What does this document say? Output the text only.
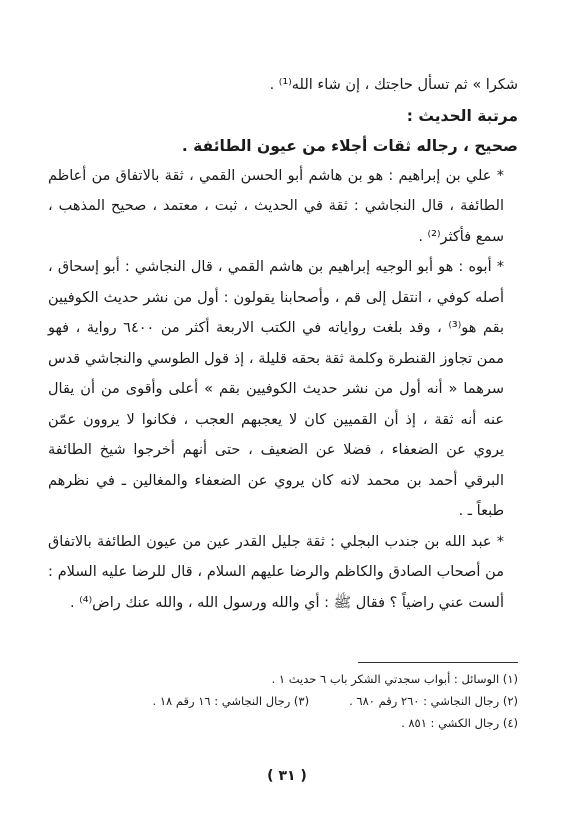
شكرا » ثم تسأل حاجتك ، إن شاء الله⁽¹⁾ .

مرتبة الحديث :

صحيح ، رجاله ثقات أجلاء من عيون الطائفة .

* علي بن إبراهيم : هو بن هاشم أبو الحسن القمي ، ثقة بالاتفاق من أعاظم الطائفة ، قال النجاشي : ثقة في الحديث ، ثبت ، معتمد ، صحيح المذهب ، سمع فأكثر⁽²⁾ .

* أبوه : هو أبو الوجيه إبراهيم بن هاشم القمي ، قال النجاشي : أبو إسحاق ، أصله كوفي ، انتقل إلى قم ، وأصحابنا يقولون : أول من نشر حديث الكوفيين بقم هو⁽³⁾ ، وقد بلغت رواياته في الكتب الاربعة أكثر من ٦٤٠٠ رواية ، فهو ممن تجاوز القنطرة وكلمة ثقة بحقه قليلة ، إذ قول الطوسي والنجاشي قدس سرهما « أنه أول من نشر حديث الكوفيين بقم » أعلى وأقوى من أن يقال عنه أنه ثقة ، إذ أن القميين كان لا يعجبهم العجب ، فكانوا لا يروون عمّن يروي عن الضعفاء ، فضلا عن الضعيف ، حتى أنهم أخرجوا شيخ الطائفة البرقي أحمد بن محمد لانه كان يروي عن الضعفاء والمغالين ـ في نظرهم طبعاً ـ .

* عبد الله بن جندب البجلي : ثقة جليل القدر عين من عيون الطائفة بالاتفاق من أصحاب الصادق والكاظم والرضا عليهم السلام ، قال للرضا عليه السلام : ألست عني راضياً ؟ فقال ﷺ : أي والله ورسول الله ، والله عنك راض⁽⁴⁾ .

(١) الوسائل : أبواب سجدتي الشكر باب ٦ حديث ١ .
(٢) رجال النجاشي : ٢٦٠ رقم ٦٨٠ .
(٣) رجال النجاشي : ١٦ رقم ١٨ .
(٤) رجال الكشي : ٨٥١ .
( ٣١ )
